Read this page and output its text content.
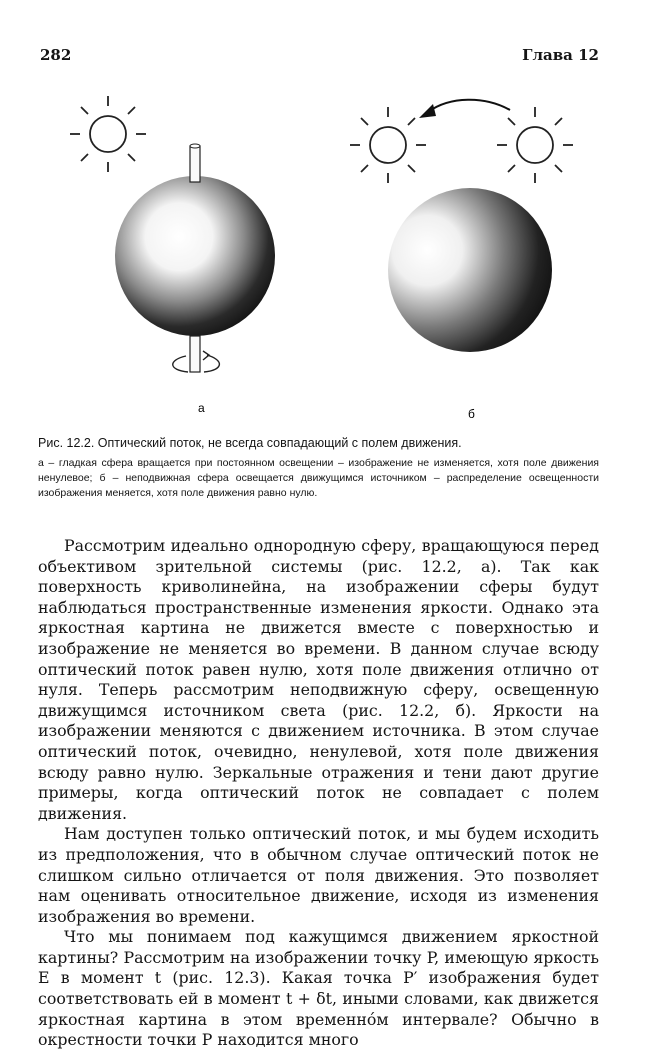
282	Глава 12
а	б

Рис. 12.2. Оптический поток, не всегда совпадающий с полем движения.

а – гладкая сфера вращается при постоянном освещении – изображение не изменяется, хотя поле движения ненулевое; б – неподвижная сфера освещается движущимся источником – распределение освещенности изображения меняется, хотя поле движения равно нулю.

Рассмотрим идеально однородную сферу, вращающуюся перед объективом зрительной системы (рис. 12.2, а). Так как поверхность криволинейна, на изображении сферы будут наблюдаться пространственные изменения яркости. Однако эта яркостная картина не движется вместе с поверхностью и изображение не меняется во времени. В данном случае всюду оптический поток равен нулю, хотя поле движения отлично от нуля. Теперь рассмотрим неподвижную сферу, освещенную движущимся источником света (рис. 12.2, б). Яркости на изображении меняются с движением источника. В этом случае оптический поток, очевидно, ненулевой, хотя поле движения всюду равно нулю. Зеркальные отражения и тени дают другие примеры, когда оптический поток не совпадает с полем движения.

Нам доступен только оптический поток, и мы будем исходить из предположения, что в обычном случае оптический поток не слишком сильно отличается от поля движения. Это позволяет нам оценивать относительное движение, исходя из изменения изображения во времени.

Что мы понимаем под кажущимся движением яркостной картины? Рассмотрим на изображении точку P, имеющую яркость E в момент t (рис. 12.3). Какая точка P′ изображения будет соответствовать ей в момент t + δt, иными словами, как движется яркостная картина в этом временно́м интервале? Обычно в окрестности точки P находится много
